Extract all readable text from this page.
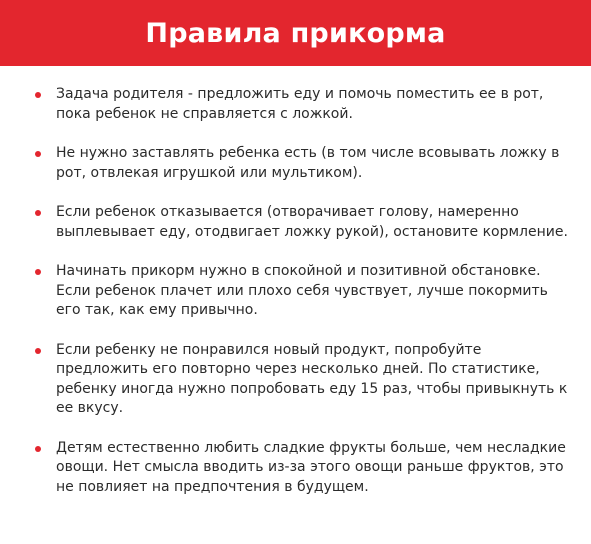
Правила прикорма
Задача родителя - предложить еду и помочь поместить ее в рот, пока ребенок не справляется с ложкой.
Не нужно заставлять ребенка есть (в том числе всовывать ложку в рот, отвлекая игрушкой или мультиком).
Если ребенок отказывается (отворачивает голову, намеренно выплевывает еду, отодвигает ложку рукой), остановите кормление.
Начинать прикорм нужно в спокойной и позитивной обстановке. Если ребенок плачет или плохо себя чувствует, лучше покормить его так, как ему привычно.
Если ребенку не понравился новый продукт, попробуйте предложить его повторно через несколько дней. По статистике, ребенку иногда нужно попробовать еду 15 раз, чтобы привыкнуть к ее вкусу.
Детям естественно любить сладкие фрукты больше, чем несладкие овощи. Нет смысла вводить из-за этого овощи раньше фруктов, это не повлияет на предпочтения в будущем.
